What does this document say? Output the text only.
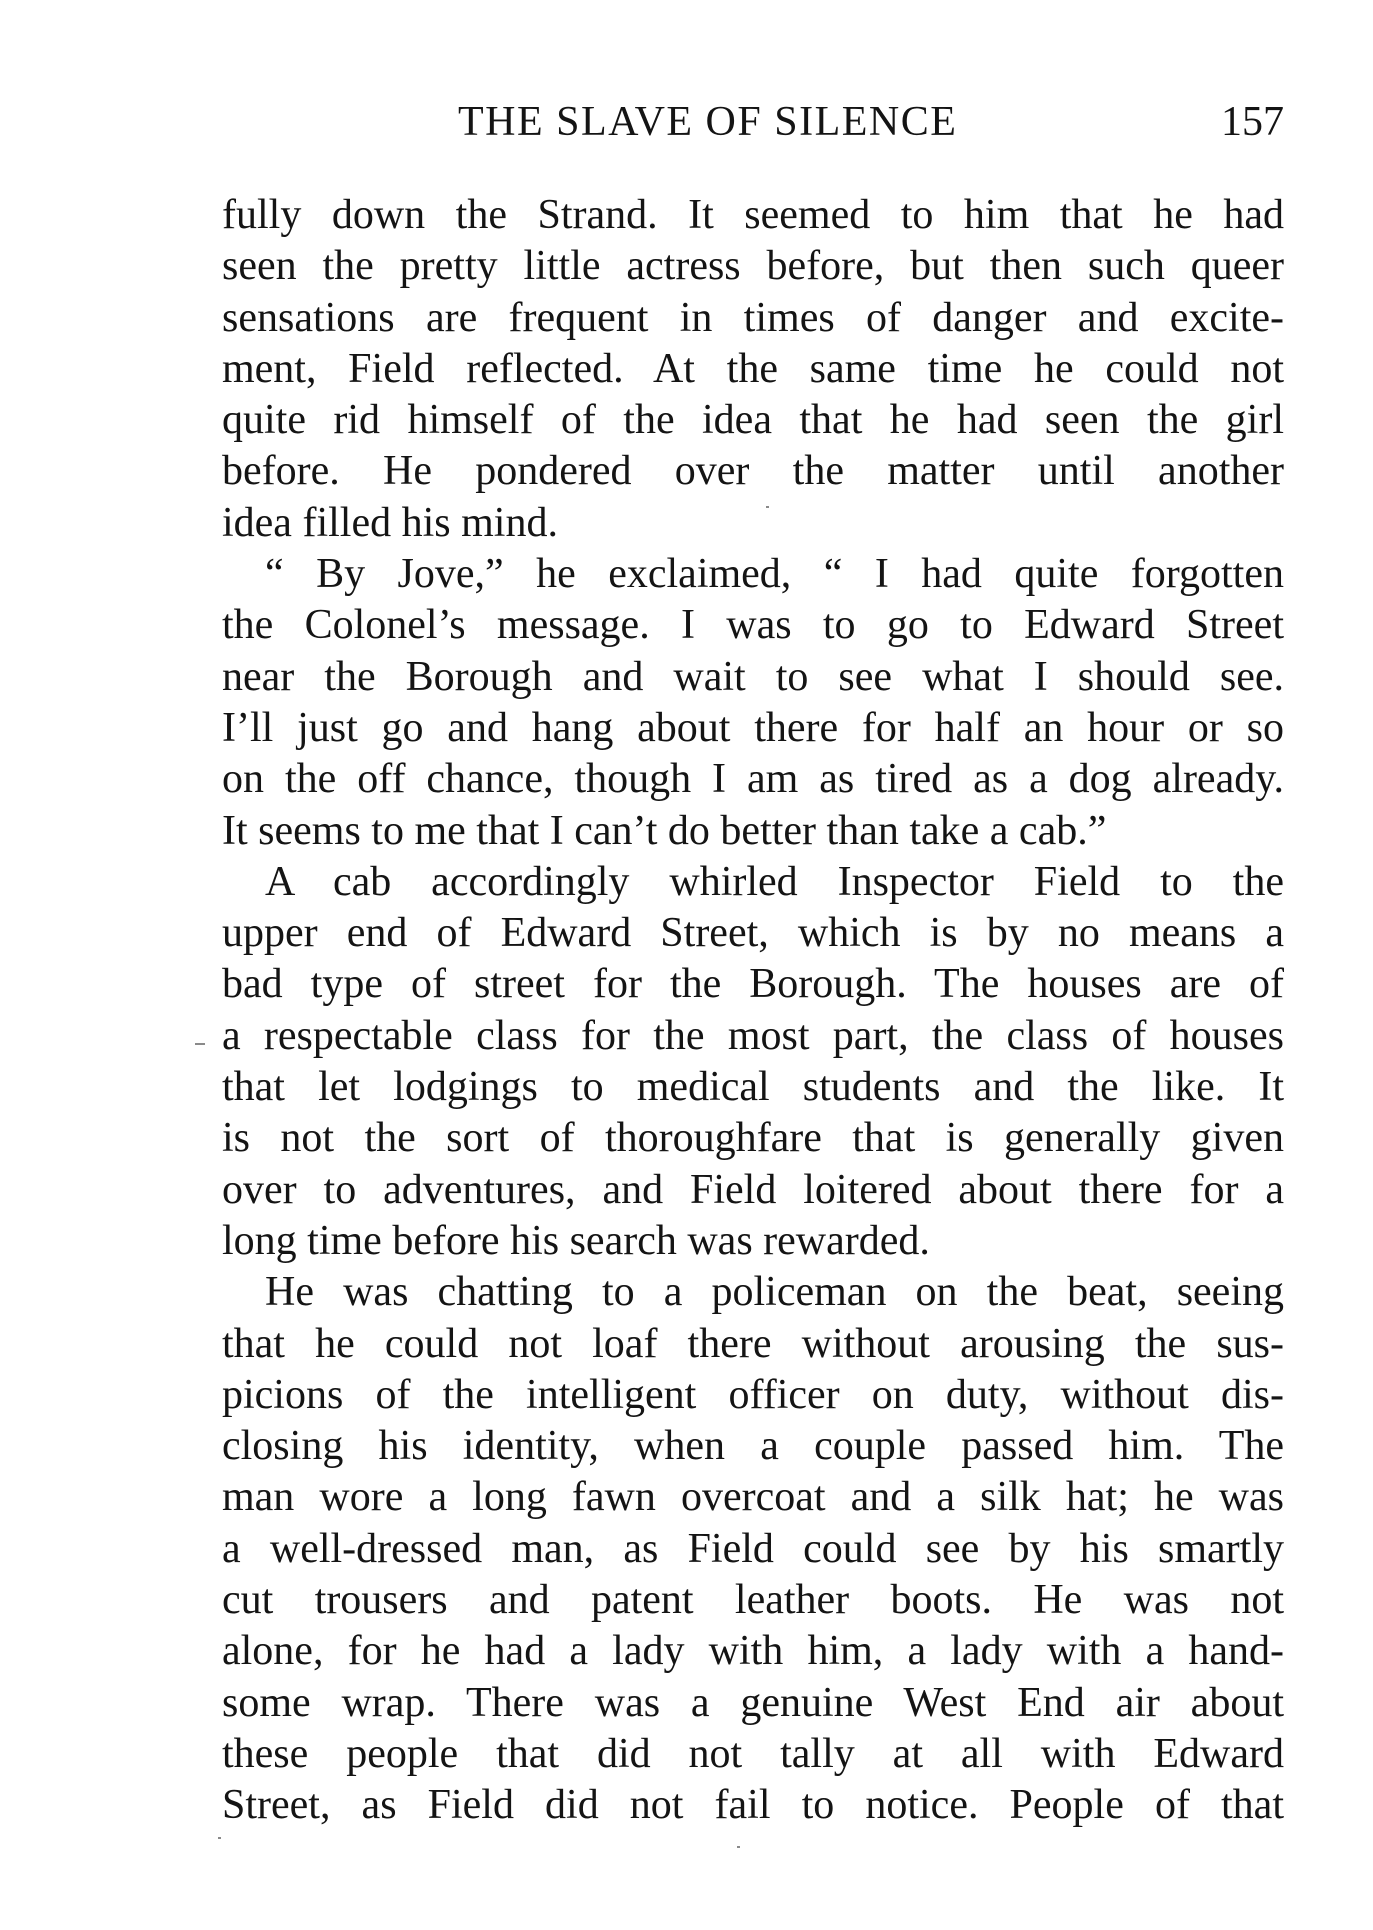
THE SLAVE OF SILENCE	157
fully down the Strand. It seemed to him that he had
seen the pretty little actress before, but then such queer
sensations are frequent in times of danger and excite-
ment, Field reflected. At the same time he could not
quite rid himself of the idea that he had seen the girl
before. He pondered over the matter until another
idea filled his mind.
“ By Jove,” he exclaimed, “ I had quite forgotten
the Colonel’s message. I was to go to Edward Street
near the Borough and wait to see what I should see.
I’ll just go and hang about there for half an hour or so
on the off chance, though I am as tired as a dog already.
It seems to me that I can’t do better than take a cab.”
A cab accordingly whirled Inspector Field to the
upper end of Edward Street, which is by no means a
bad type of street for the Borough. The houses are of
a respectable class for the most part, the class of houses
that let lodgings to medical students and the like. It
is not the sort of thoroughfare that is generally given
over to adventures, and Field loitered about there for a
long time before his search was rewarded.
He was chatting to a policeman on the beat, seeing
that he could not loaf there without arousing the sus-
picions of the intelligent officer on duty, without dis-
closing his identity, when a couple passed him. The
man wore a long fawn overcoat and a silk hat; he was
a well-dressed man, as Field could see by his smartly
cut trousers and patent leather boots. He was not
alone, for he had a lady with him, a lady with a hand-
some wrap. There was a genuine West End air about
these people that did not tally at all with Edward
Street, as Field did not fail to notice. People of that
